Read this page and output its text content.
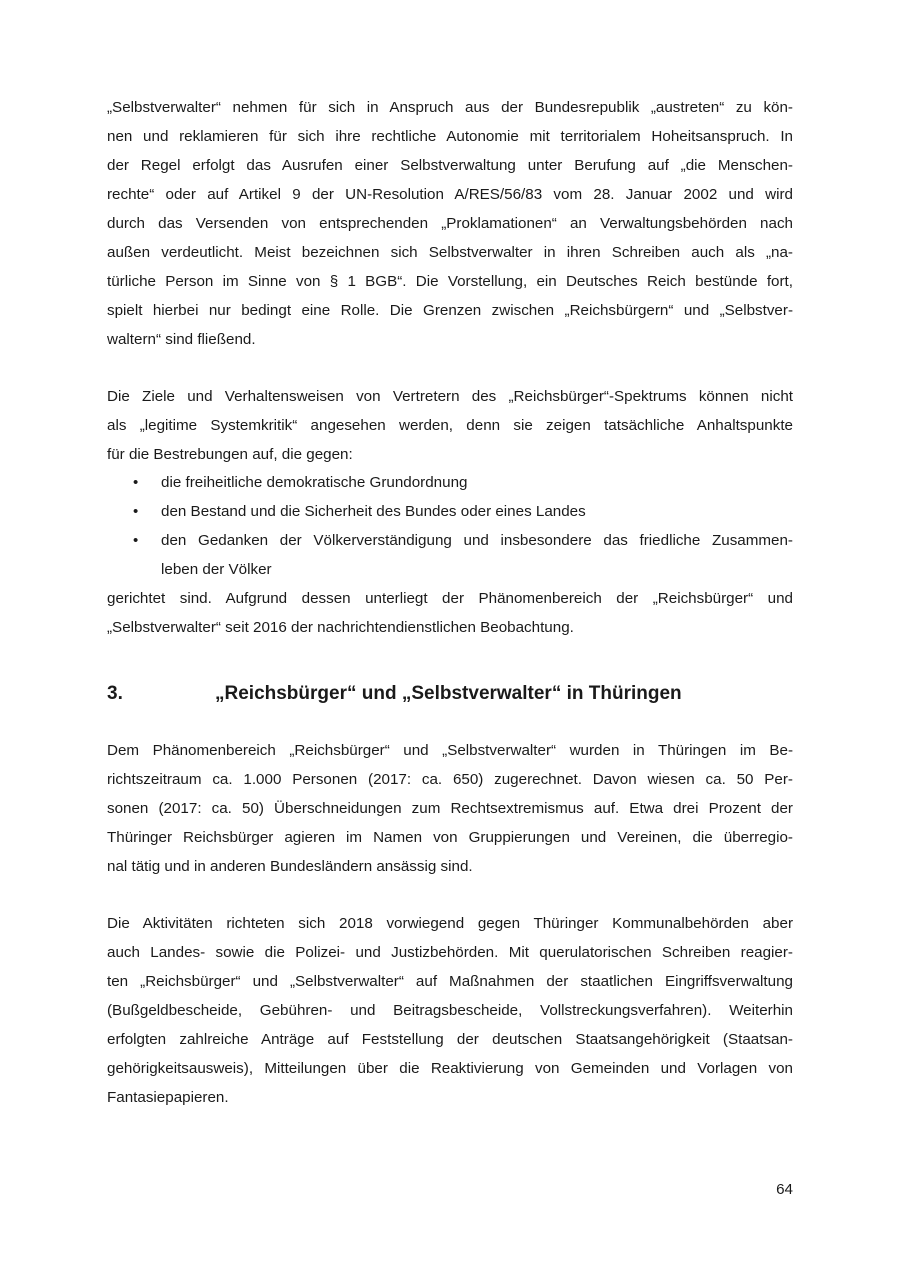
„Selbstverwalter“ nehmen für sich in Anspruch aus der Bundesrepublik „austreten“ zu kön-
nen und reklamieren für sich ihre rechtliche Autonomie mit territorialem Hoheitsanspruch. In
der Regel erfolgt das Ausrufen einer Selbstverwaltung unter Berufung auf „die Menschen-
rechte“ oder auf Artikel 9 der UN-Resolution A/RES/56/83 vom 28. Januar 2002 und wird
durch das Versenden von entsprechenden „Proklamationen“ an Verwaltungsbehörden nach
außen verdeutlicht. Meist bezeichnen sich Selbstverwalter in ihren Schreiben auch als „na-
türliche Person im Sinne von § 1 BGB“. Die Vorstellung, ein Deutsches Reich bestünde fort,
spielt hierbei nur bedingt eine Rolle. Die Grenzen zwischen „Reichsbürgern“ und „Selbstver-
waltern“ sind fließend.
Die Ziele und Verhaltensweisen von Vertretern des „Reichsbürger“-Spektrums können nicht
als „legitime Systemkritik“ angesehen werden, denn sie zeigen tatsächliche Anhaltspunkte
für die Bestrebungen auf, die gegen:
•	die freiheitliche demokratische Grundordnung
•	den Bestand und die Sicherheit des Bundes oder eines Landes
•	den Gedanken der Völkerverständigung und insbesondere das friedliche Zusammen-
leben der Völker
gerichtet sind. Aufgrund dessen unterliegt der Phänomenbereich der „Reichsbürger“ und
„Selbstverwalter“ seit 2016 der nachrichtendienstlichen Beobachtung.
3.	„Reichsbürger“ und „Selbstverwalter“ in Thüringen
Dem Phänomenbereich „Reichsbürger“ und „Selbstverwalter“ wurden in Thüringen im Be-
richtszeitraum ca. 1.000 Personen (2017: ca. 650) zugerechnet. Davon wiesen ca. 50 Per-
sonen (2017: ca. 50) Überschneidungen zum Rechtsextremismus auf. Etwa drei Prozent der
Thüringer Reichsbürger agieren im Namen von Gruppierungen und Vereinen, die überregio-
nal tätig und in anderen Bundesländern ansässig sind.
Die Aktivitäten richteten sich 2018 vorwiegend gegen Thüringer Kommunalbehörden aber
auch Landes- sowie die Polizei- und Justizbehörden. Mit querulatorischen Schreiben reagier-
ten „Reichsbürger“ und „Selbstverwalter“ auf Maßnahmen der staatlichen Eingriffsverwaltung
(Bußgeldbescheide, Gebühren- und Beitragsbescheide, Vollstreckungsverfahren). Weiterhin
erfolgten zahlreiche Anträge auf Feststellung der deutschen Staatsangehörigkeit (Staatsan-
gehörigkeitsausweis), Mitteilungen über die Reaktivierung von Gemeinden und Vorlagen von
Fantasiepapieren.
64
